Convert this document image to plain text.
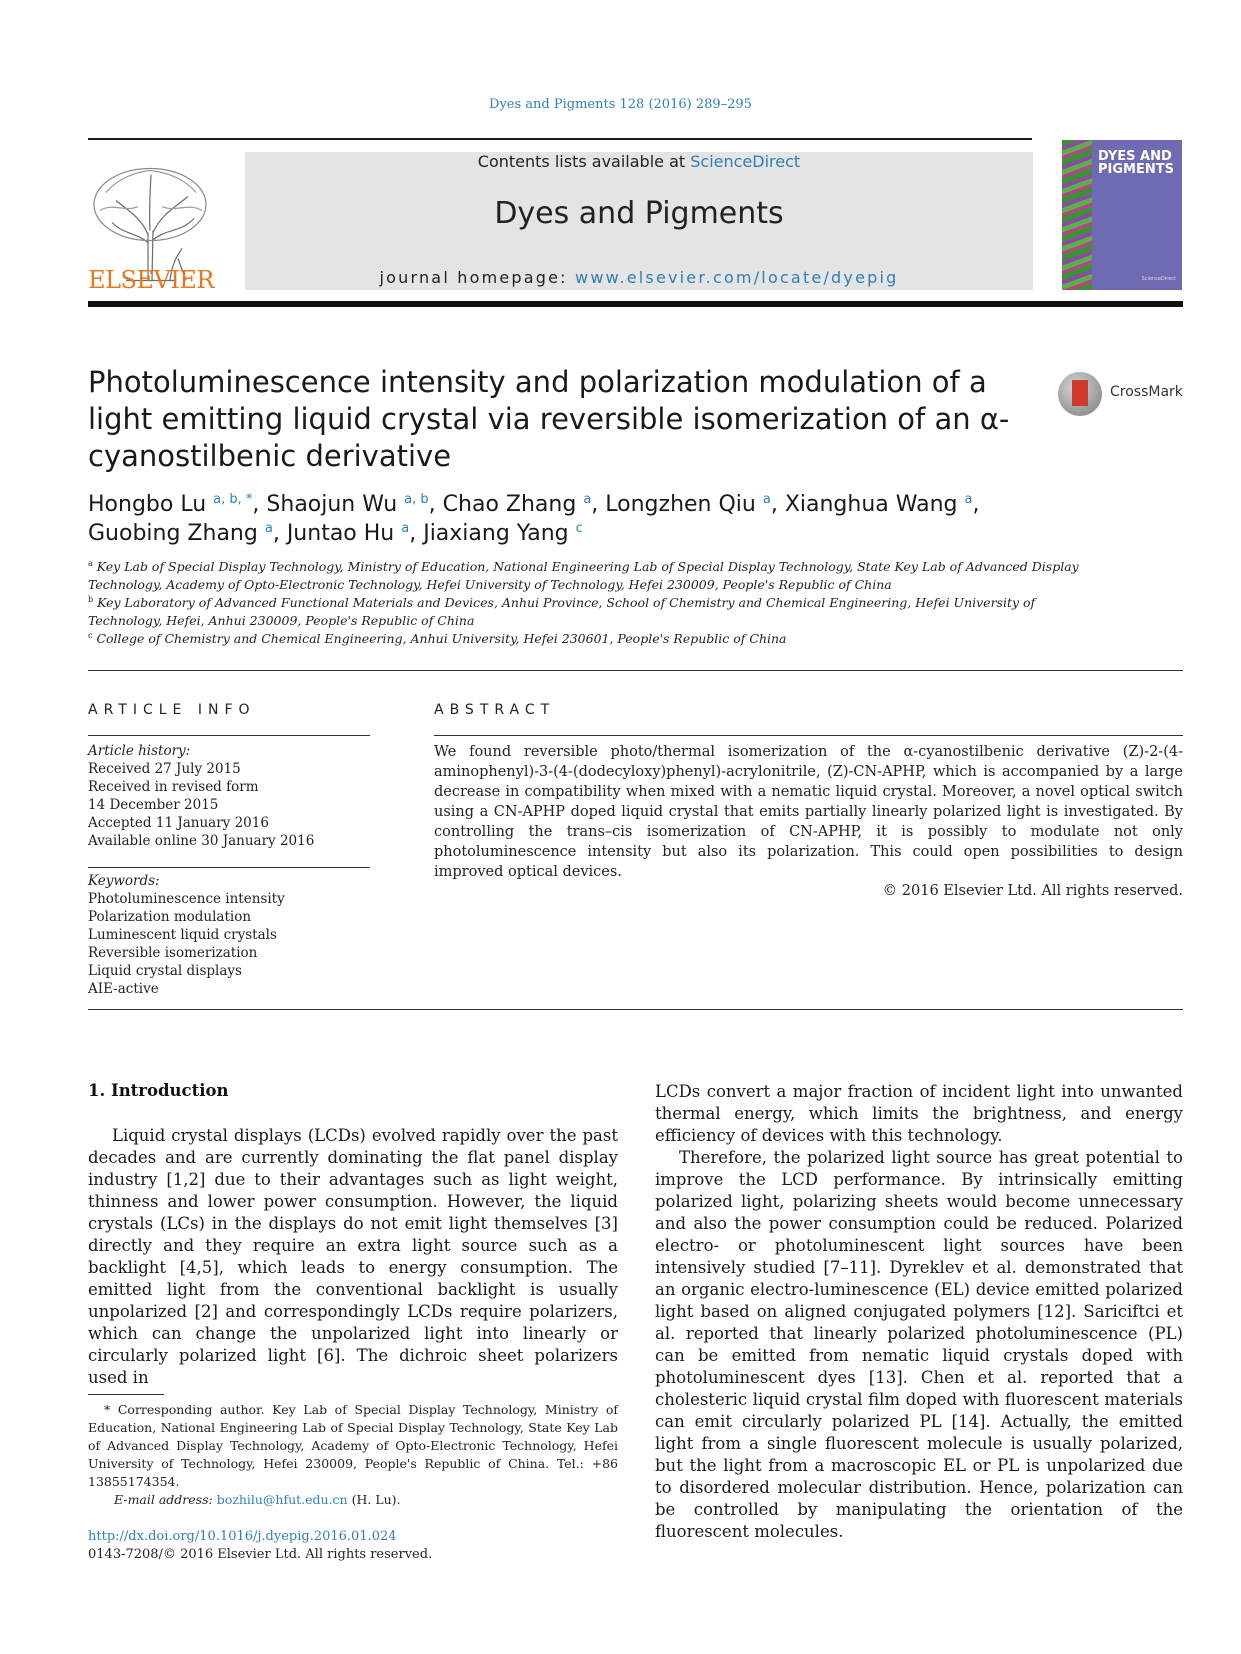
Dyes and Pigments 128 (2016) 289–295
ELSEVIER
Contents lists available at ScienceDirect
Dyes and Pigments
journal homepage: www.elsevier.com/locate/dyepig
DYES AND PIGMENTS
ScienceDirect
Photoluminescence intensity and polarization modulation of a light emitting liquid crystal via reversible isomerization of an α-cyanostilbenic derivative
CrossMark
Hongbo Lu $^{a, b, *}$, Shaojun Wu $^{a, b}$, Chao Zhang $^a$, Longzhen Qiu $^a$, Xianghua Wang $^a$,
Guobing Zhang $^a$, Juntao Hu $^a$, Jiaxiang Yang $^c$
$^a$ Key Lab of Special Display Technology, Ministry of Education, National Engineering Lab of Special Display Technology, State Key Lab of Advanced Display Technology, Academy of Opto-Electronic Technology, Hefei University of Technology, Hefei 230009, People's Republic of China
$^b$ Key Laboratory of Advanced Functional Materials and Devices, Anhui Province, School of Chemistry and Chemical Engineering, Hefei University of Technology, Hefei, Anhui 230009, People's Republic of China
$^c$ College of Chemistry and Chemical Engineering, Anhui University, Hefei 230601, People's Republic of China
ARTICLE INFO
Article history:
Received 27 July 2015
Received in revised form
14 December 2015
Accepted 11 January 2016
Available online 30 January 2016
Keywords:
Photoluminescence intensity
Polarization modulation
Luminescent liquid crystals
Reversible isomerization
Liquid crystal displays
AIE-active
ABSTRACT
We found reversible photo/thermal isomerization of the α-cyanostilbenic derivative (Z)-2-(4-aminophenyl)-3-(4-(dodecyloxy)phenyl)-acrylonitrile, (Z)-CN-APHP, which is accompanied by a large decrease in compatibility when mixed with a nematic liquid crystal. Moreover, a novel optical switch using a CN-APHP doped liquid crystal that emits partially linearly polarized light is investigated. By controlling the trans–cis isomerization of CN-APHP, it is possibly to modulate not only photoluminescence intensity but also its polarization. This could open possibilities to design improved optical devices.
© 2016 Elsevier Ltd. All rights reserved.
1. Introduction

Liquid crystal displays (LCDs) evolved rapidly over the past decades and are currently dominating the flat panel display industry [1,2] due to their advantages such as light weight, thinness and lower power consumption. However, the liquid crystals (LCs) in the displays do not emit light themselves [3] directly and they require an extra light source such as a backlight [4,5], which leads to energy consumption. The emitted light from the conventional backlight is usually unpolarized [2] and correspondingly LCDs require polarizers, which can change the unpolarized light into linearly or circularly polarized light [6]. The dichroic sheet polarizers used in

LCDs convert a major fraction of incident light into unwanted thermal energy, which limits the brightness, and energy efficiency of devices with this technology.

Therefore, the polarized light source has great potential to improve the LCD performance. By intrinsically emitting polarized light, polarizing sheets would become unnecessary and also the power consumption could be reduced. Polarized electro- or photoluminescent light sources have been intensively studied [7–11]. Dyreklev et al. demonstrated that an organic electro-luminescence (EL) device emitted polarized light based on aligned conjugated polymers [12]. Sariciftci et al. reported that linearly polarized photoluminescence (PL) can be emitted from nematic liquid crystals doped with photoluminescent dyes [13]. Chen et al. reported that a cholesteric liquid crystal film doped with fluorescent materials can emit circularly polarized PL [14]. Actually, the emitted light from a single fluorescent molecule is usually polarized, but the light from a macroscopic EL or PL is unpolarized due to disordered molecular distribution. Hence, polarization can be controlled by manipulating the orientation of the fluorescent molecules.

* Corresponding author. Key Lab of Special Display Technology, Ministry of Education, National Engineering Lab of Special Display Technology, State Key Lab of Advanced Display Technology, Academy of Opto-Electronic Technology, Hefei University of Technology, Hefei 230009, People's Republic of China. Tel.: +86 13855174354.
E-mail address: bozhilu@hfut.edu.cn (H. Lu).
http://dx.doi.org/10.1016/j.dyepig.2016.01.024
0143-7208/© 2016 Elsevier Ltd. All rights reserved.
